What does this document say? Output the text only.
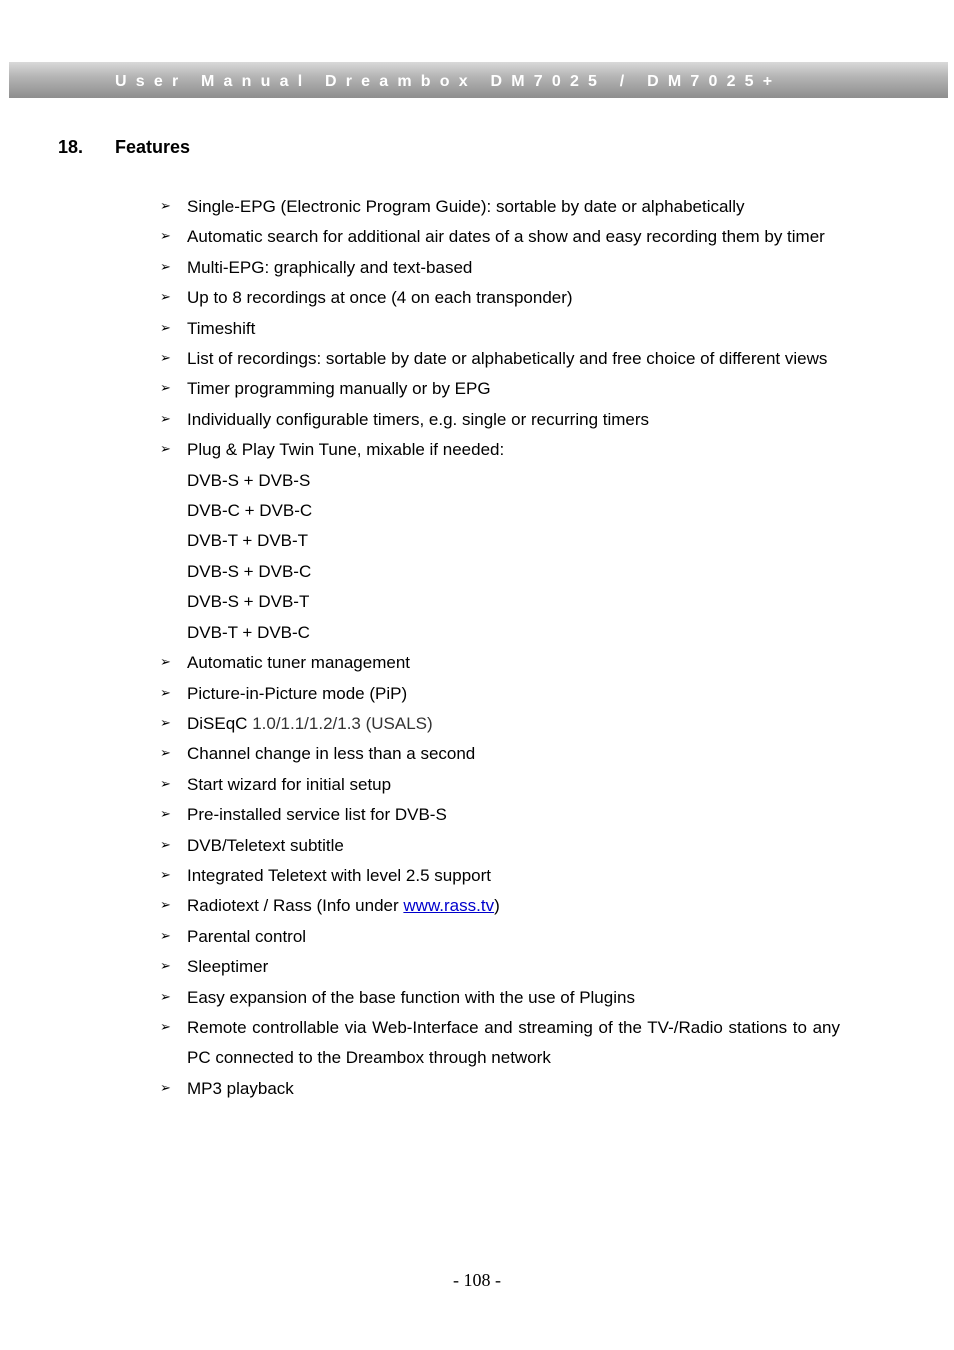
User Manual Dreambox DM7025 / DM7025+
18. Features
➢ Single-EPG (Electronic Program Guide): sortable by date or alphabetically
➢ Automatic search for additional air dates of a show and easy recording them by timer
➢ Multi-EPG: graphically and text-based
➢ Up to 8 recordings at once (4 on each transponder)
➢ Timeshift
➢ List of recordings: sortable by date or alphabetically and free choice of different views
➢ Timer programming manually or by EPG
➢ Individually configurable timers, e.g. single or recurring timers
➢ Plug & Play Twin Tune, mixable if needed:
DVB-S + DVB-S
DVB-C + DVB-C
DVB-T + DVB-T
DVB-S + DVB-C
DVB-S + DVB-T
DVB-T + DVB-C
➢ Automatic tuner management
➢ Picture-in-Picture mode (PiP)
➢ DiSEqC 1.0/1.1/1.2/1.3 (USALS)
➢ Channel change in less than a second
➢ Start wizard for initial setup
➢ Pre-installed service list for DVB-S
➢ DVB/Teletext subtitle
➢ Integrated Teletext with level 2.5 support
➢ Radiotext / Rass (Info under www.rass.tv)
➢ Parental control
➢ Sleeptimer
➢ Easy expansion of the base function with the use of Plugins
➢ Remote controllable via Web-Interface and streaming of the TV-/Radio stations to any PC connected to the Dreambox through network
➢ MP3 playback
- 108 -
